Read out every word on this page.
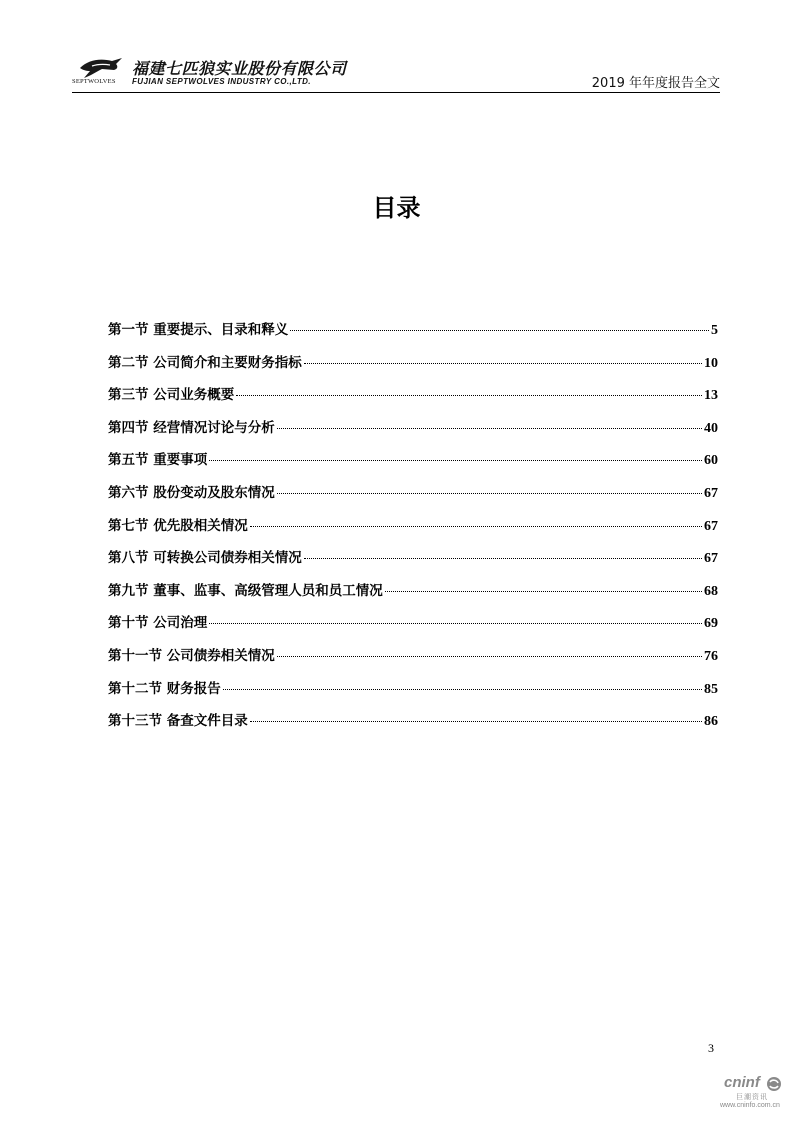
SEPTWOLVES
福建七匹狼实业股份有限公司
FUJIAN SEPTWOLVES INDUSTRY CO.,LTD.	2019 年年度报告全文
目录
第一节 重要提示、目录和释义	5
第二节 公司简介和主要财务指标	10
第三节 公司业务概要	13
第四节 经营情况讨论与分析	40
第五节 重要事项	60
第六节 股份变动及股东情况	67
第七节 优先股相关情况	67
第八节 可转换公司债券相关情况	67
第九节 董事、监事、高级管理人员和员工情况	68
第十节 公司治理	69
第十一节 公司债券相关情况	76
第十二节 财务报告	85
第十三节 备查文件目录	86
3
cninf
巨潮资讯
www.cninfo.com.cn
